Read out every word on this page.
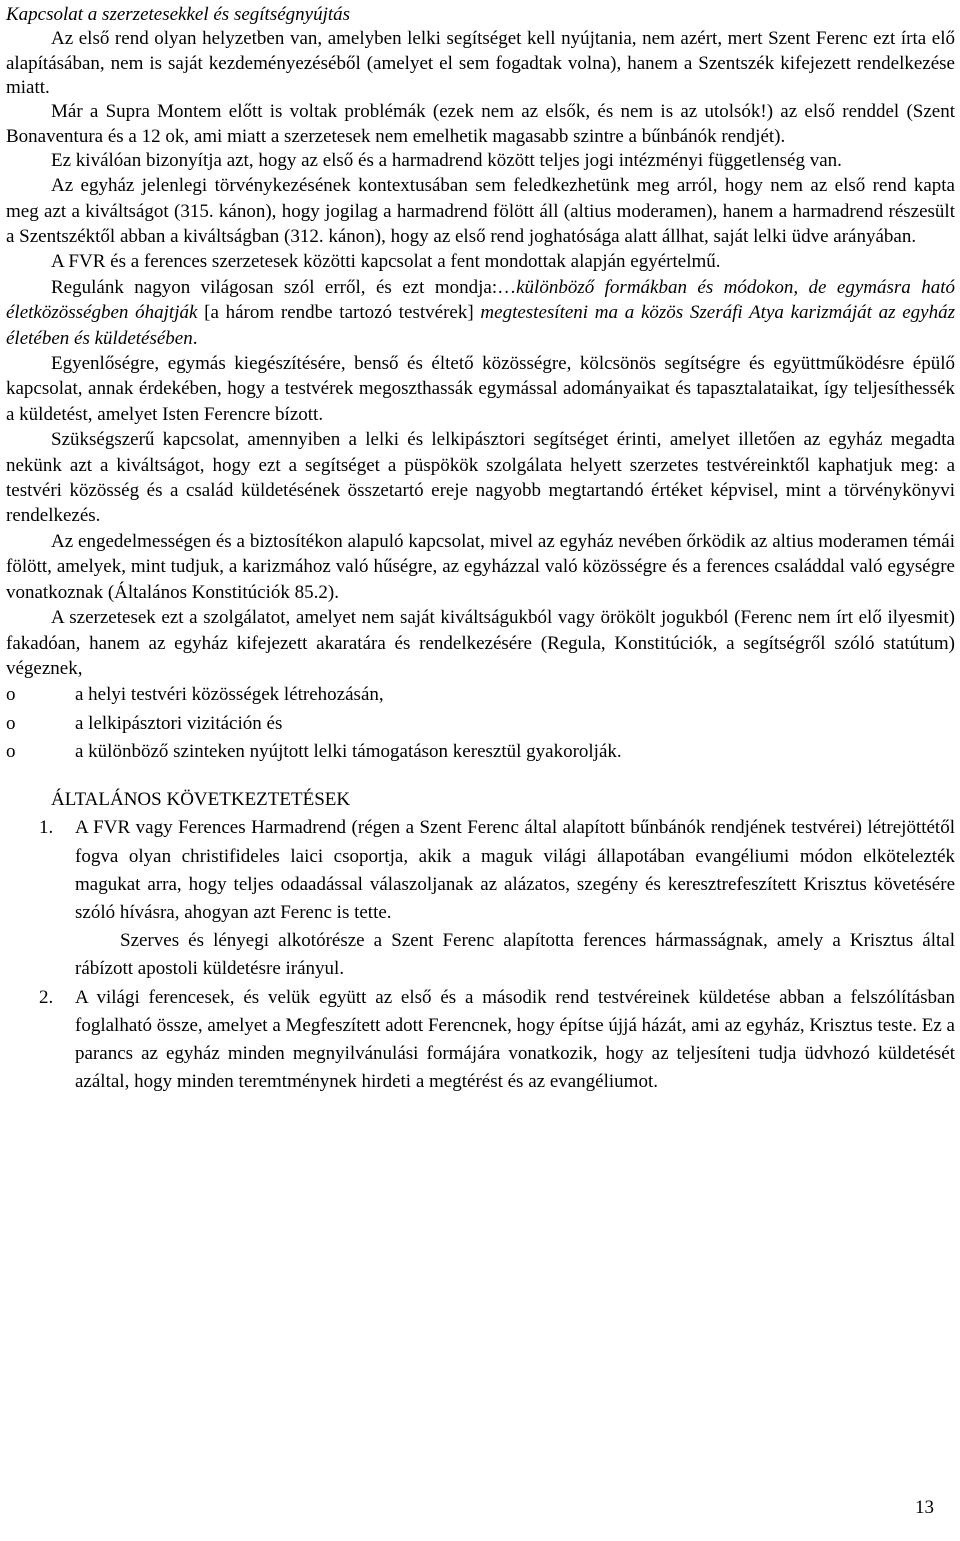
Kapcsolat a szerzetesekkel és segítségnyújtás

Az első rend olyan helyzetben van, amelyben lelki segítséget kell nyújtania, nem azért, mert Szent Ferenc ezt írta elő alapításában, nem is saját kezdeményezéséből (amelyet el sem fogadtak volna), hanem a Szentszék kifejezett rendelkezése miatt.

Már a Supra Montem előtt is voltak problémák (ezek nem az elsők, és nem is az utolsók!) az első renddel (Szent Bonaventura és a 12 ok, ami miatt a szerzetesek nem emelhetik magasabb szintre a bűnbánók rendjét).

Ez kiválóan bizonyítja azt, hogy az első és a harmadrend között teljes jogi intézményi függetlenség van.

Az egyház jelenlegi törvénykezésének kontextusában sem feledkezhetünk meg arról, hogy nem az első rend kapta meg azt a kiváltságot (315. kánon), hogy jogilag a harmadrend fölött áll (altius moderamen), hanem a harmadrend részesült a Szentszéktől abban a kiváltságban (312. kánon), hogy az első rend joghatósága alatt állhat, saját lelki üdve arányában.

A FVR és a ferences szerzetesek közötti kapcsolat a fent mondottak alapján egyértelmű.

Regulánk nagyon világosan szól erről, és ezt mondja:…különböző formákban és módokon, de egymásra ható életközösségben óhajtják [a három rendbe tartozó testvérek] megtestesíteni ma a közös Szeráfi Atya karizmáját az egyház életében és küldetésében.

Egyenlőségre, egymás kiegészítésére, benső és éltető közösségre, kölcsönös segítségre és együttműködésre épülő kapcsolat, annak érdekében, hogy a testvérek megoszthassák egymással adományaikat és tapasztalataikat, így teljesíthessék a küldetést, amelyet Isten Ferencre bízott.

Szükségszerű kapcsolat, amennyiben a lelki és lelkipásztori segítséget érinti, amelyet illetően az egyház megadta nekünk azt a kiváltságot, hogy ezt a segítséget a püspökök szolgálata helyett szerzetes testvéreinktől kaphatjuk meg: a testvéri közösség és a család küldetésének összetartó ereje nagyobb megtartandó értéket képvisel, mint a törvénykönyvi rendelkezés.

Az engedelmességen és a biztosítékon alapuló kapcsolat, mivel az egyház nevében őrködik az altius moderamen témái fölött, amelyek, mint tudjuk, a karizmához való hűségre, az egyházzal való közösségre és a ferences családdal való egységre vonatkoznak (Általános Konstitúciók 85.2).

A szerzetesek ezt a szolgálatot, amelyet nem saját kiváltságukból vagy örökölt jogukból (Ferenc nem írt elő ilyesmit) fakadóan, hanem az egyház kifejezett akaratára és rendelkezésére (Regula, Konstitúciók, a segítségről szóló statútum) végeznek,

o	a helyi testvéri közösségek létrehozásán,
o	a lelkipásztori vizitáción és
o	a különböző szinteken nyújtott lelki támogatáson keresztül gyakorolják.

ÁLTALÁNOS KÖVETKEZTETÉSEK

1. A FVR vagy Ferences Harmadrend (régen a Szent Ferenc által alapított bűnbánók rendjének testvérei) létrejöttétől fogva olyan christifideles laici csoportja, akik a maguk világi állapotában evangéliumi módon elkötelezték magukat arra, hogy teljes odaadással válaszoljanak az alázatos, szegény és keresztrefeszített Krisztus követésére szóló hívásra, ahogyan azt Ferenc is tette.
Szerves és lényegi alkotórésze a Szent Ferenc alapította ferences hármasságnak, amely a Krisztus által rábízott apostoli küldetésre irányul.
2. A világi ferencesek, és velük együtt az első és a második rend testvéreinek küldetése abban a felszólításban foglalható össze, amelyet a Megfeszített adott Ferencnek, hogy építse újjá házát, ami az egyház, Krisztus teste. Ez a parancs az egyház minden megnyilvánulási formájára vonatkozik, hogy az teljesíteni tudja üdvhozó küldetését azáltal, hogy minden teremtménynek hirdeti a megtérést és az evangéliumot.
13
